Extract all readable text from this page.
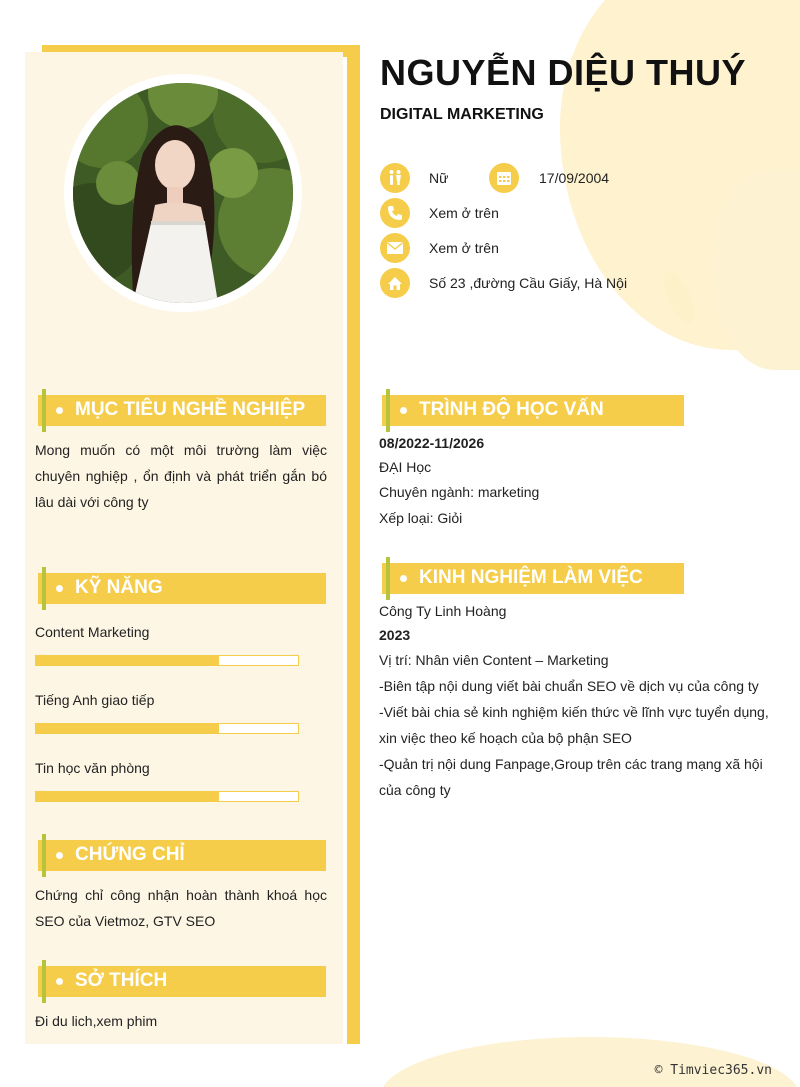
NGUYỄN DIỆU THUÝ
DIGITAL MARKETING
Nữ	17/09/2004
Xem ở trên
Xem ở trên
Số 23 ,đường Cầu Giấy, Hà Nội
MỤC TIÊU NGHỀ NGHIỆP
Mong muốn có một môi trường làm việc chuyên nghiệp , ổn định và phát triển gắn bó lâu dài với công ty
KỸ NĂNG
Content Marketing
Tiếng Anh giao tiếp
Tin học văn phòng
CHỨNG CHỈ
Chứng chỉ công nhận hoàn thành khoá học SEO của Vietmoz, GTV SEO
SỞ THÍCH
Đi du lich,xem phim
TRÌNH ĐỘ HỌC VẤN
08/2022-11/2026
ĐẠI Học
Chuyên ngành: marketing
Xếp loại: Giỏi
KINH NGHIỆM LÀM VIỆC
Công Ty Linh Hoàng
2023
Vị trí: Nhân viên Content – Marketing
-Biên tập nội dung viết bài chuẩn SEO về dịch vụ của công ty
-Viết bài chia sẻ kinh nghiệm kiến thức về lĩnh vực tuyển dụng,
xin việc theo kế hoạch của bộ phận SEO
-Quản trị nội dung Fanpage,Group trên các trang mạng xã hội
của công ty
© Timviec365.vn
